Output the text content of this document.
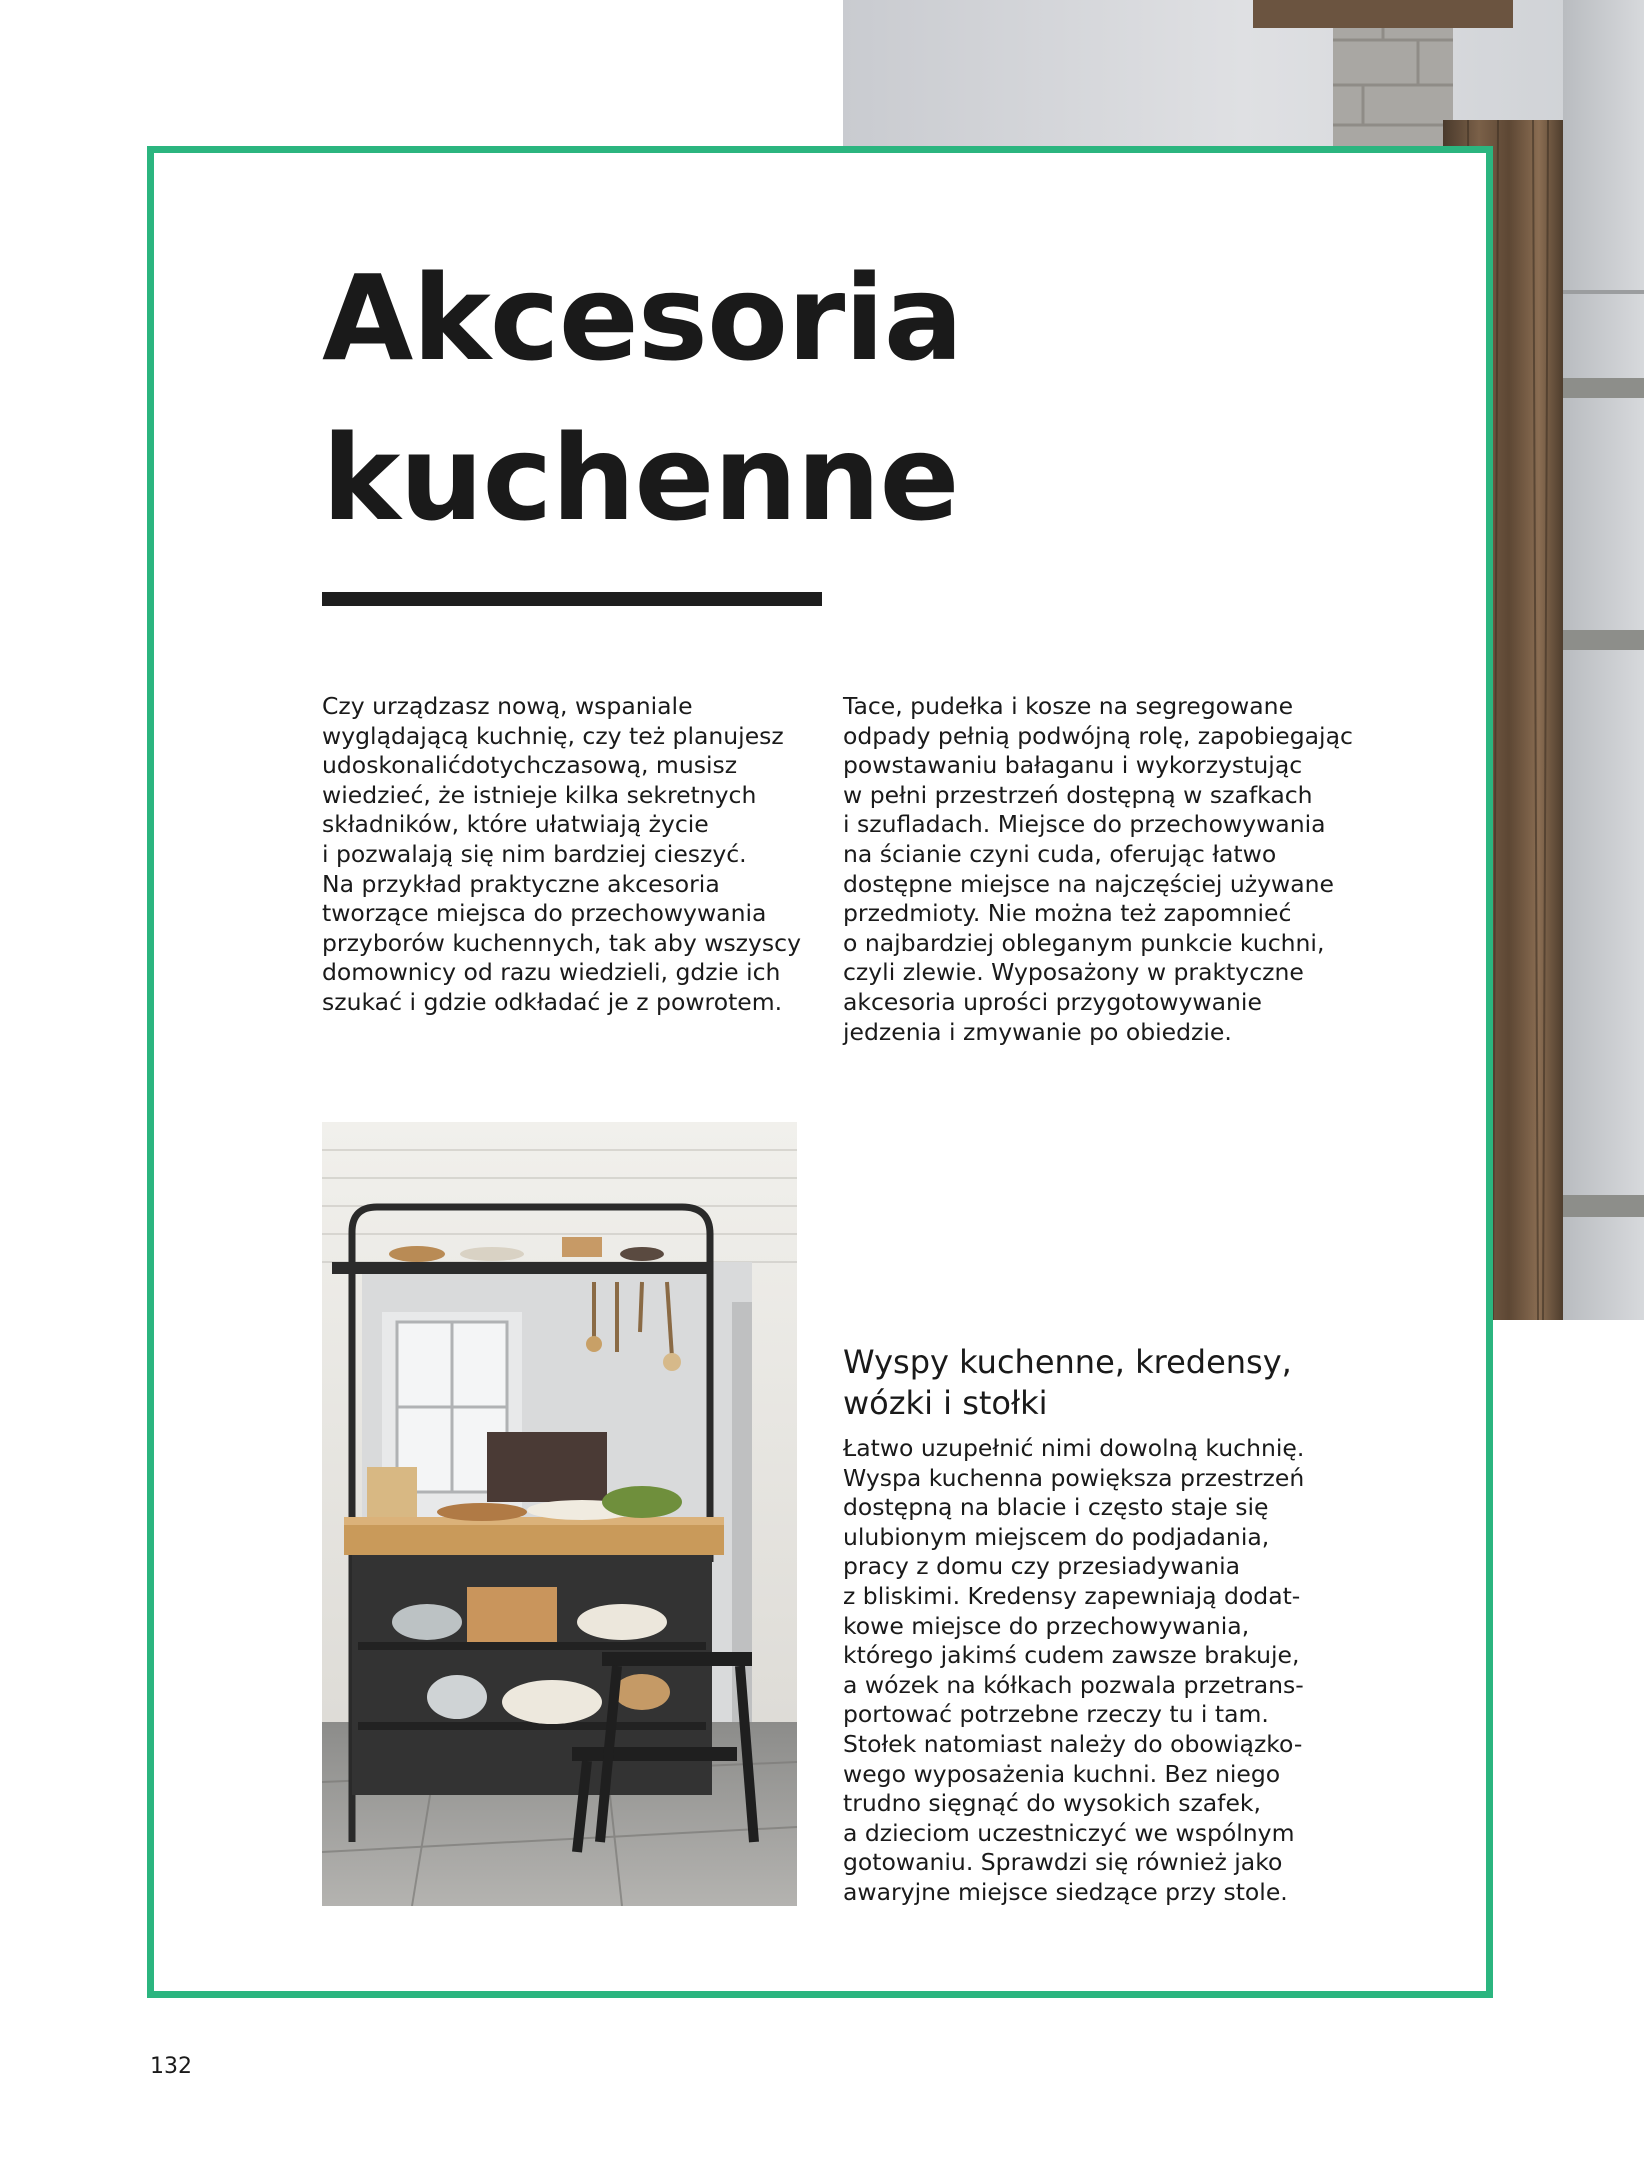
Akcesoria
kuchenne

Czy urządzasz nową, wspaniale
wyglądającą kuchnię, czy też planujesz
udoskonalićdotychczasową, musisz
wiedzieć, że istnieje kilka sekretnych
składników, które ułatwiają życie
i pozwalają się nim bardziej cieszyć.
Na przykład praktyczne akcesoria
tworzące miejsca do przechowywania
przyborów kuchennych, tak aby wszyscy
domownicy od razu wiedzieli, gdzie ich
szukać i gdzie odkładać je z powrotem.

Tace, pudełka i kosze na segregowane
odpady pełnią podwójną rolę, zapobiegając
powstawaniu bałaganu i wykorzystując
w pełni przestrzeń dostępną w szafkach
i szufladach. Miejsce do przechowywania
na ścianie czyni cuda, oferując łatwo
dostępne miejsce na najczęściej używane
przedmioty. Nie można też zapomnieć
o najbardziej obleganym punkcie kuchni,
czyli zlewie. Wyposażony w praktyczne
akcesoria uprości przygotowywanie
jedzenia i zmywanie po obiedzie.

Wyspy kuchenne, kredensy,
wózki i stołki

Łatwo uzupełnić nimi dowolną kuchnię.
Wyspa kuchenna powiększa przestrzeń
dostępną na blacie i często staje się
ulubionym miejscem do podjadania,
pracy z domu czy przesiadywania
z bliskimi. Kredensy zapewniają dodat-
kowe miejsce do przechowywania,
którego jakimś cudem zawsze brakuje,
a wózek na kółkach pozwala przetrans-
portować potrzebne rzeczy tu i tam.
Stołek natomiast należy do obowiązko-
wego wyposażenia kuchni. Bez niego
trudno sięgnąć do wysokich szafek,
a dzieciom uczestniczyć we wspólnym
gotowaniu. Sprawdzi się również jako
awaryjne miejsce siedzące przy stole.

132
